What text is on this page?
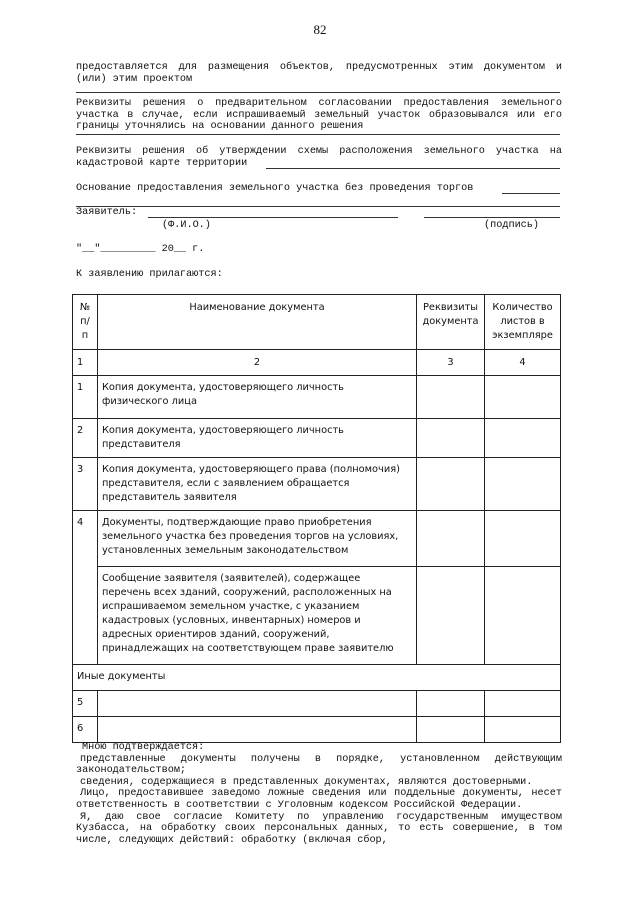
82

предоставляется для размещения объектов, предусмотренных этим документом и (или) этим проектом

Реквизиты решения о предварительном согласовании предоставления земельного участка в случае, если испрашиваемый земельный участок образовывался или его границы уточнялись на основании данного решения

Реквизиты решения об утверждении схемы расположения земельного участка на кадастровой карте территории

Основание предоставления земельного участка без проведения торгов

Заявитель:

(Ф.И.О.)	(подпись)

"__"_________ 20__ г.

К заявлению прилагаются:

№ п/п	Наименование документа	Реквизиты документа	Количество листов в экземпляре
1	2	3	4
1	Копия документа, удостоверяющего личность физического лица		
2	Копия документа, удостоверяющего личность представителя		
3	Копия документа, удостоверяющего права (полномочия) представителя, если с заявлением обращается представитель заявителя		
4	Документы, подтверждающие право приобретения земельного участка без проведения торгов на условиях, установленных земельным законодательством		
	Сообщение заявителя (заявителей), содержащее перечень всех зданий, сооружений, расположенных на испрашиваемом земельном участке, с указанием кадастровых (условных, инвентарных) номеров и адресных ориентиров зданий, сооружений, принадлежащих на соответствующем праве заявителю		
Иные документы			
5			
6			

Мною подтверждается:

представленные документы получены в порядке, установленном действующим законодательством;

сведения, содержащиеся в представленных документах, являются достоверными.

Лицо, предоставившее заведомо ложные сведения или поддельные документы, несет ответственность в соответствии с Уголовным кодексом Российской Федерации.

Я, даю свое согласие Комитету по управлению государственным имуществом Кузбасса, на обработку своих персональных данных, то есть совершение, в том числе, следующих действий: обработку (включая сбор,
